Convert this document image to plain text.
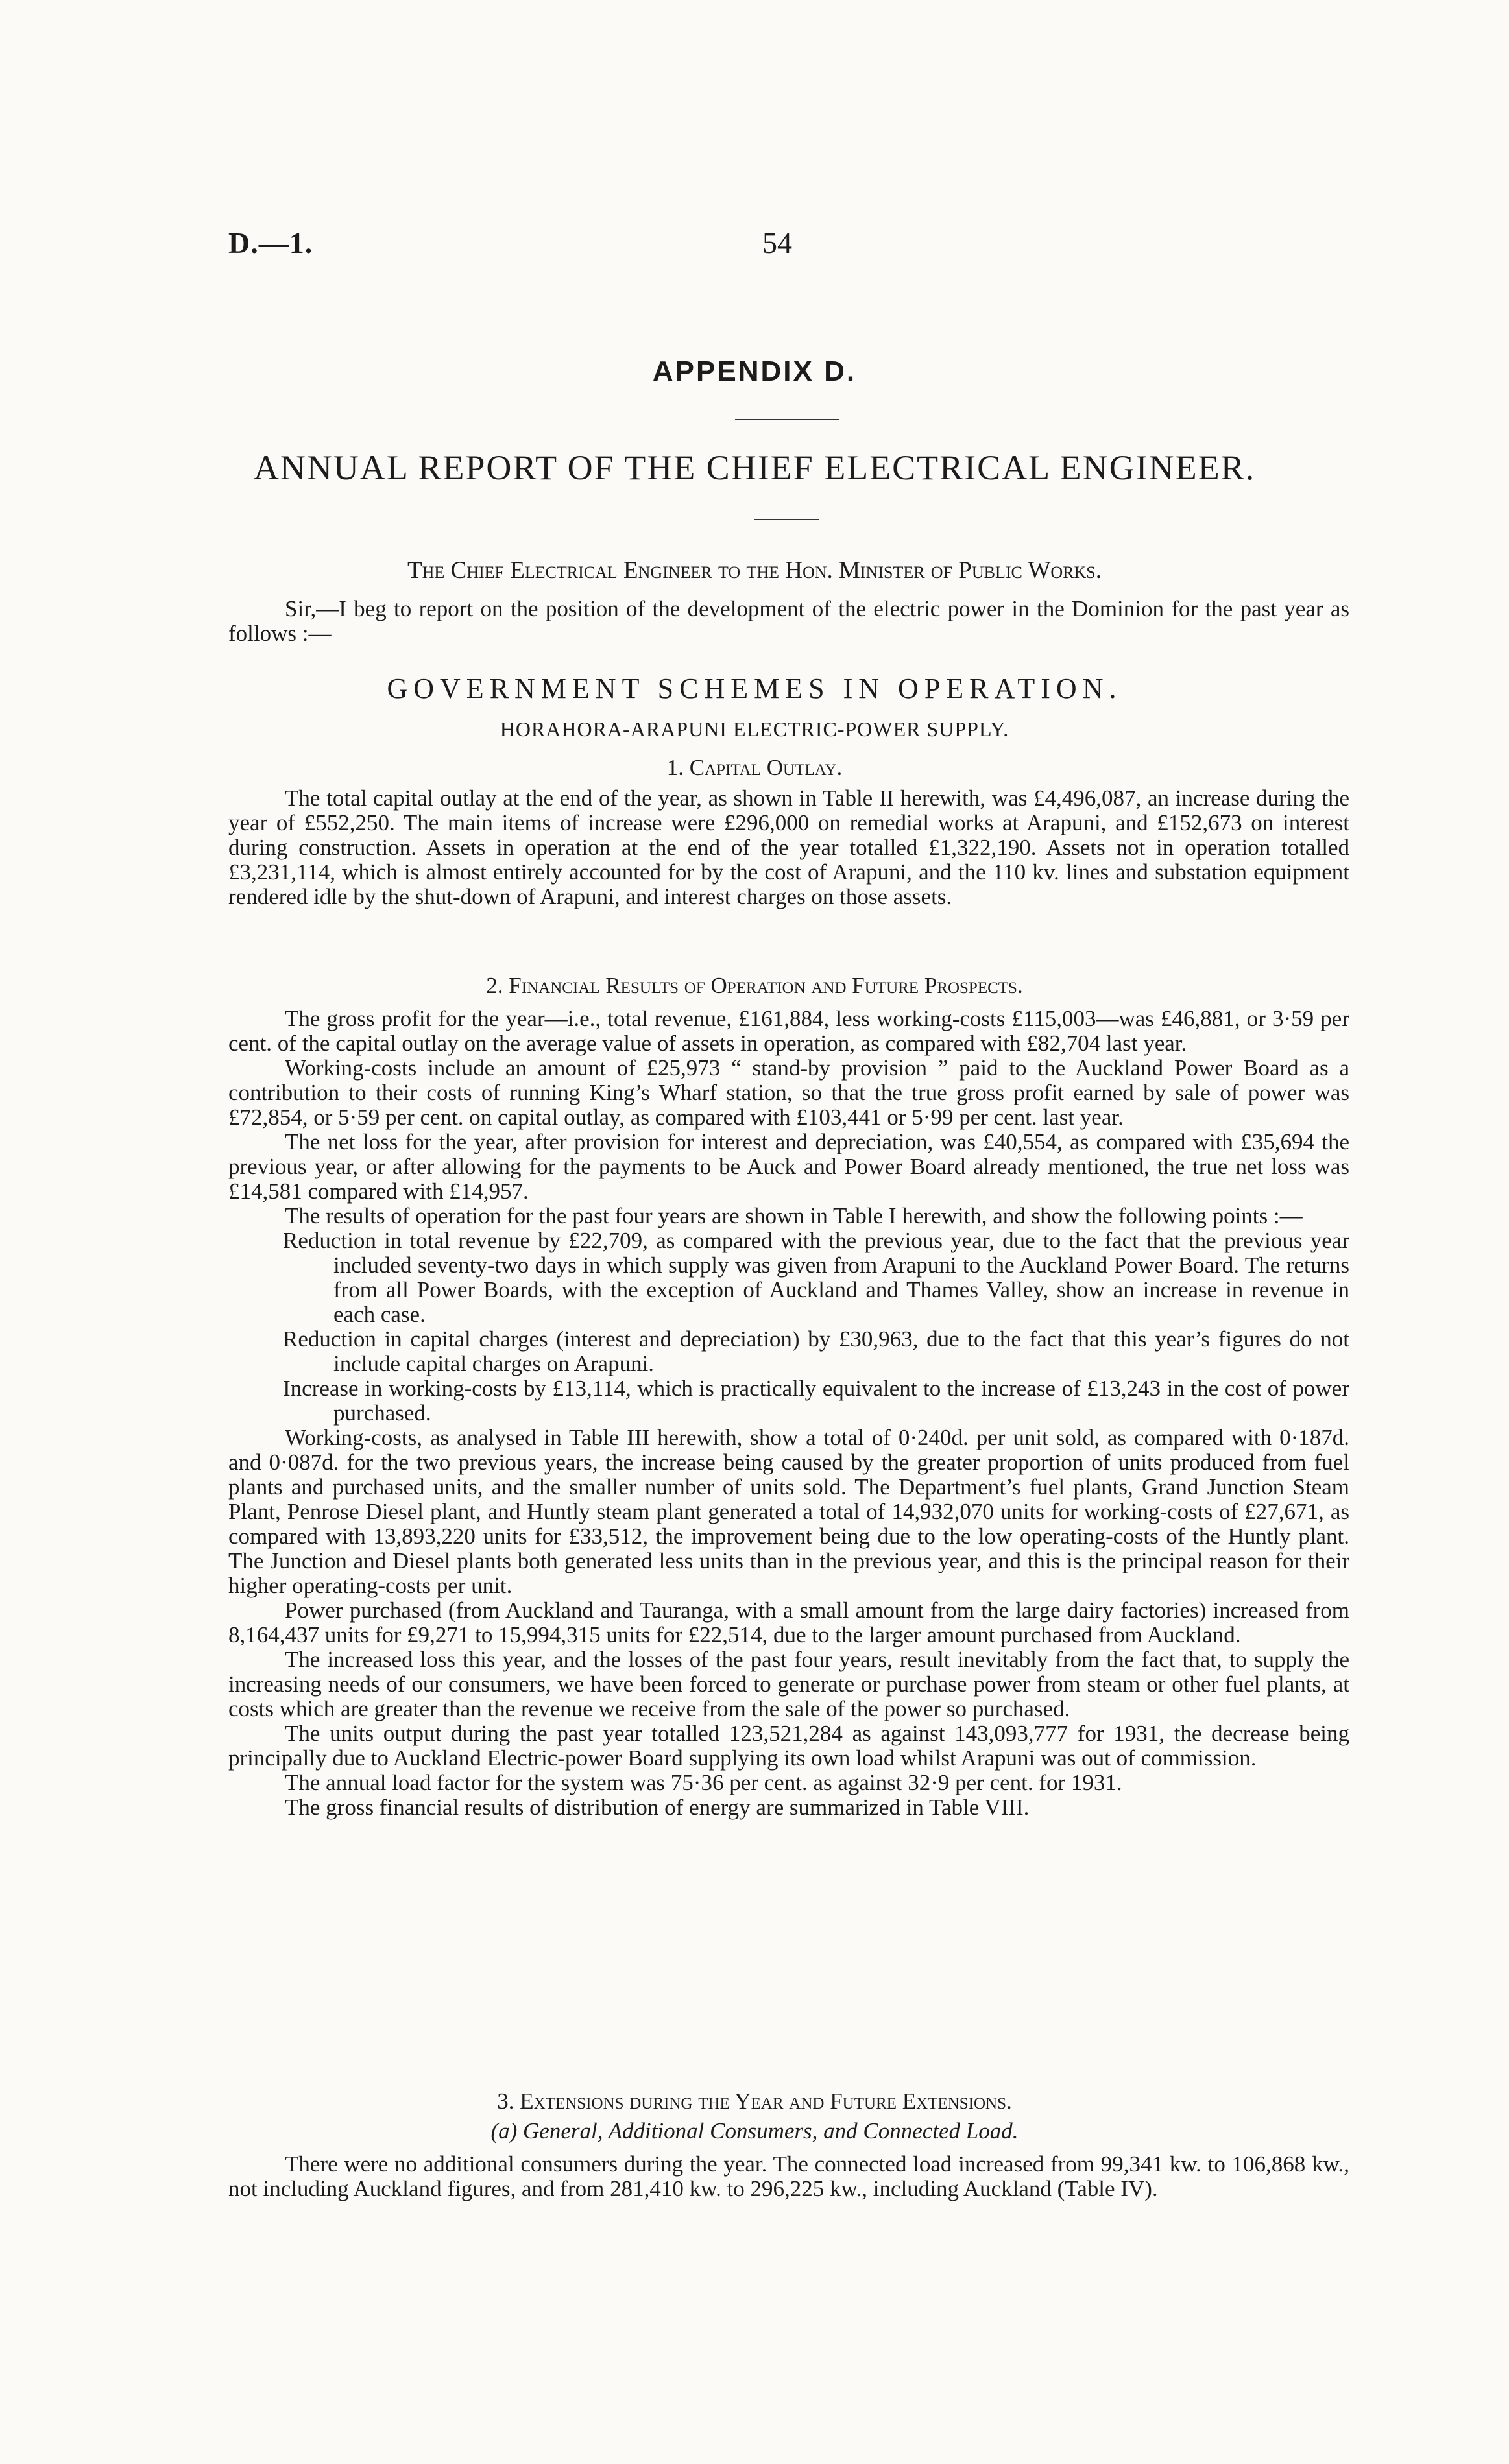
D.—1.	54
APPENDIX D.
ANNUAL REPORT OF THE CHIEF ELECTRICAL ENGINEER.
The Chief Electrical Engineer to the Hon. Minister of Public Works.

Sir,—I beg to report on the position of the development of the electric power in the Dominion for the past year as follows :—

GOVERNMENT SCHEMES IN OPERATION.
HORAHORA-ARAPUNI ELECTRIC-POWER SUPPLY.
1. Capital Outlay.

The total capital outlay at the end of the year, as shown in Table II herewith, was £4,496,087, an increase during the year of £552,250. The main items of increase were £296,000 on remedial works at Arapuni, and £152,673 on interest during construction. Assets in operation at the end of the year totalled £1,322,190. Assets not in operation totalled £3,231,114, which is almost entirely accounted for by the cost of Arapuni, and the 110 kv. lines and substation equipment rendered idle by the shut-down of Arapuni, and interest charges on those assets.

2. Financial Results of Operation and Future Prospects.

The gross profit for the year—i.e., total revenue, £161,884, less working-costs £115,003—was £46,881, or 3·59 per cent. of the capital outlay on the average value of assets in operation, as compared with £82,704 last year.

Working-costs include an amount of £25,973 “ stand-by provision ” paid to the Auckland Power Board as a contribution to their costs of running King’s Wharf station, so that the true gross profit earned by sale of power was £72,854, or 5·59 per cent. on capital outlay, as compared with £103,441 or 5·99 per cent. last year.

The net loss for the year, after provision for interest and depreciation, was £40,554, as compared with £35,694 the previous year, or after allowing for the payments to be Auck and Power Board already mentioned, the true net loss was £14,581 compared with £14,957.

The results of operation for the past four years are shown in Table I herewith, and show the following points :—

Reduction in total revenue by £22,709, as compared with the previous year, due to the fact that the previous year included seventy-two days in which supply was given from Arapuni to the Auckland Power Board. The returns from all Power Boards, with the exception of Auckland and Thames Valley, show an increase in revenue in each case.

Reduction in capital charges (interest and depreciation) by £30,963, due to the fact that this year’s figures do not include capital charges on Arapuni.

Increase in working-costs by £13,114, which is practically equivalent to the increase of £13,243 in the cost of power purchased.

Working-costs, as analysed in Table III herewith, show a total of 0·240d. per unit sold, as compared with 0·187d. and 0·087d. for the two previous years, the increase being caused by the greater proportion of units produced from fuel plants and purchased units, and the smaller number of units sold. The Department’s fuel plants, Grand Junction Steam Plant, Penrose Diesel plant, and Huntly steam plant generated a total of 14,932,070 units for working-costs of £27,671, as compared with 13,893,220 units for £33,512, the improvement being due to the low operating-costs of the Huntly plant. The Junction and Diesel plants both generated less units than in the previous year, and this is the principal reason for their higher operating-costs per unit.

Power purchased (from Auckland and Tauranga, with a small amount from the large dairy factories) increased from 8,164,437 units for £9,271 to 15,994,315 units for £22,514, due to the larger amount purchased from Auckland.

The increased loss this year, and the losses of the past four years, result inevitably from the fact that, to supply the increasing needs of our consumers, we have been forced to generate or purchase power from steam or other fuel plants, at costs which are greater than the revenue we receive from the sale of the power so purchased.

The units output during the past year totalled 123,521,284 as against 143,093,777 for 1931, the decrease being principally due to Auckland Electric-power Board supplying its own load whilst Arapuni was out of commission.

The annual load factor for the system was 75·36 per cent. as against 32·9 per cent. for 1931.

The gross financial results of distribution of energy are summarized in Table VIII.

3. Extensions during the Year and Future Extensions.
(a) General, Additional Consumers, and Connected Load.

There were no additional consumers during the year. The connected load increased from 99,341 kw. to 106,868 kw., not including Auckland figures, and from 281,410 kw. to 296,225 kw., including Auckland (Table IV).
